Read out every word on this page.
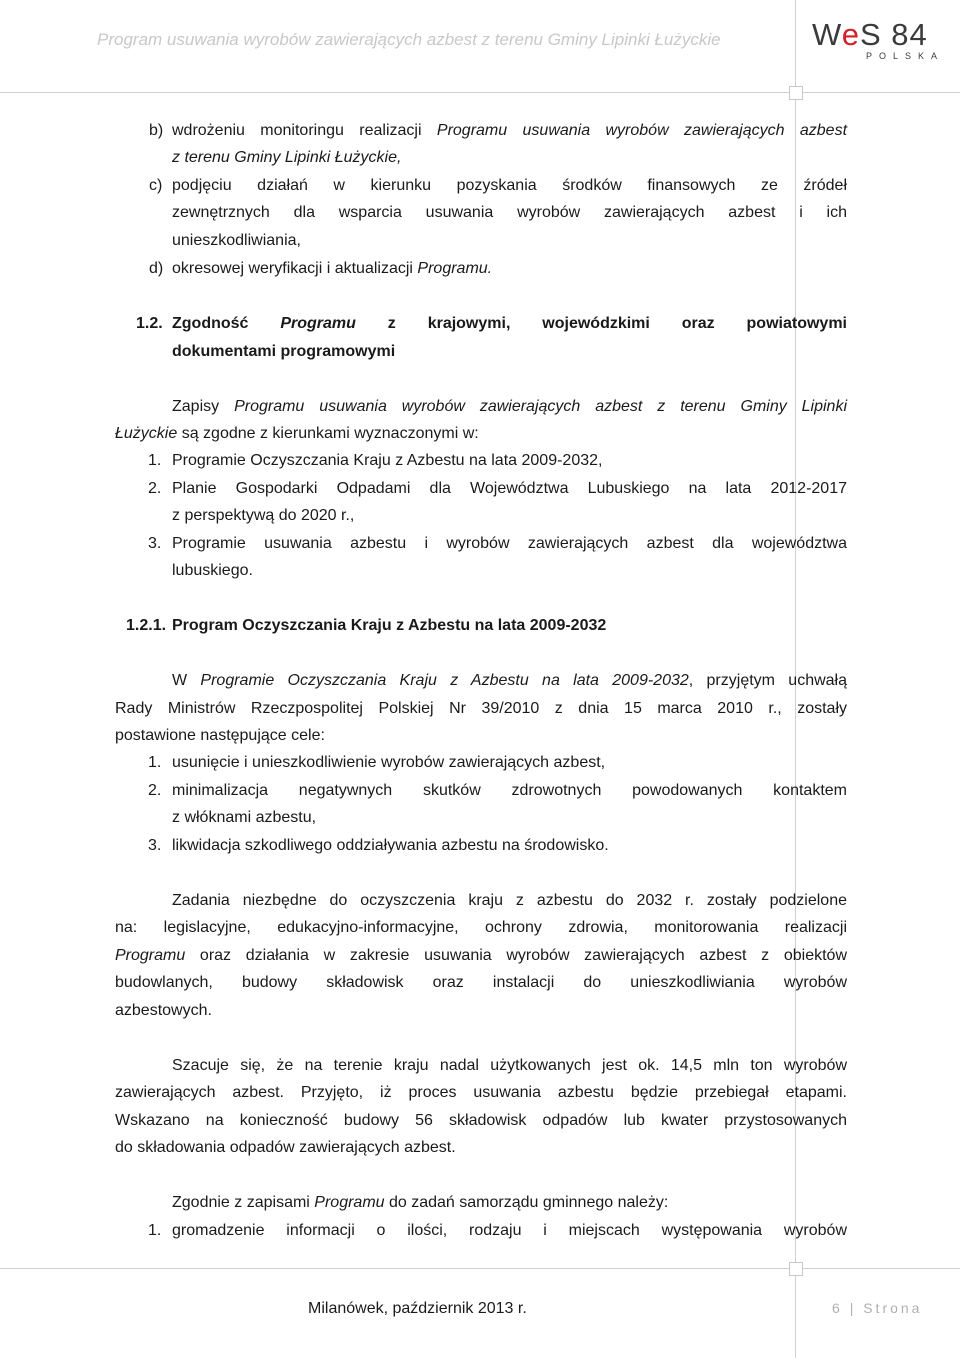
Program usuwania wyrobów zawierających azbest z terenu Gminy Lipinki Łużyckie	WeS 84
POLSKA
b) wdrożeniu monitoringu realizacji Programu usuwania wyrobów zawierających azbest
z terenu Gminy Lipinki Łużyckie,
c) podjęciu działań w kierunku pozyskania środków finansowych ze źródeł
zewnętrznych dla wsparcia usuwania wyrobów zawierających azbest i ich
unieszkodliwiania,
d) okresowej weryfikacji i aktualizacji Programu.
1.2. Zgodność Programu z krajowymi, wojewódzkimi oraz powiatowymi
dokumentami programowymi
Zapisy Programu usuwania wyrobów zawierających azbest z terenu Gminy Lipinki
Łużyckie są zgodne z kierunkami wyznaczonymi w:
1. Programie Oczyszczania Kraju z Azbestu na lata 2009-2032,
2. Planie Gospodarki Odpadami dla Województwa Lubuskiego na lata 2012-2017
z perspektywą do 2020 r.,
3. Programie usuwania azbestu i wyrobów zawierających azbest dla województwa
lubuskiego.
1.2.1. Program Oczyszczania Kraju z Azbestu na lata 2009-2032
W Programie Oczyszczania Kraju z Azbestu na lata 2009-2032, przyjętym uchwałą
Rady Ministrów Rzeczpospolitej Polskiej Nr 39/2010 z dnia 15 marca 2010 r., zostały
postawione następujące cele:
1. usunięcie i unieszkodliwienie wyrobów zawierających azbest,
2. minimalizacja negatywnych skutków zdrowotnych powodowanych kontaktem
z włóknami azbestu,
3. likwidacja szkodliwego oddziaływania azbestu na środowisko.
Zadania niezbędne do oczyszczenia kraju z azbestu do 2032 r. zostały podzielone
na: legislacyjne, edukacyjno-informacyjne, ochrony zdrowia, monitorowania realizacji
Programu oraz działania w zakresie usuwania wyrobów zawierających azbest z obiektów
budowlanych, budowy składowisk oraz instalacji do unieszkodliwiania wyrobów
azbestowych.
Szacuje się, że na terenie kraju nadal użytkowanych jest ok. 14,5 mln ton wyrobów
zawierających azbest. Przyjęto, iż proces usuwania azbestu będzie przebiegał etapami.
Wskazano na konieczność budowy 56 składowisk odpadów lub kwater przystosowanych
do składowania odpadów zawierających azbest.
Zgodnie z zapisami Programu do zadań samorządu gminnego należy:
1. gromadzenie informacji o ilości, rodzaju i miejscach występowania wyrobów
Milanówek, październik 2013 r.	6 | Strona
